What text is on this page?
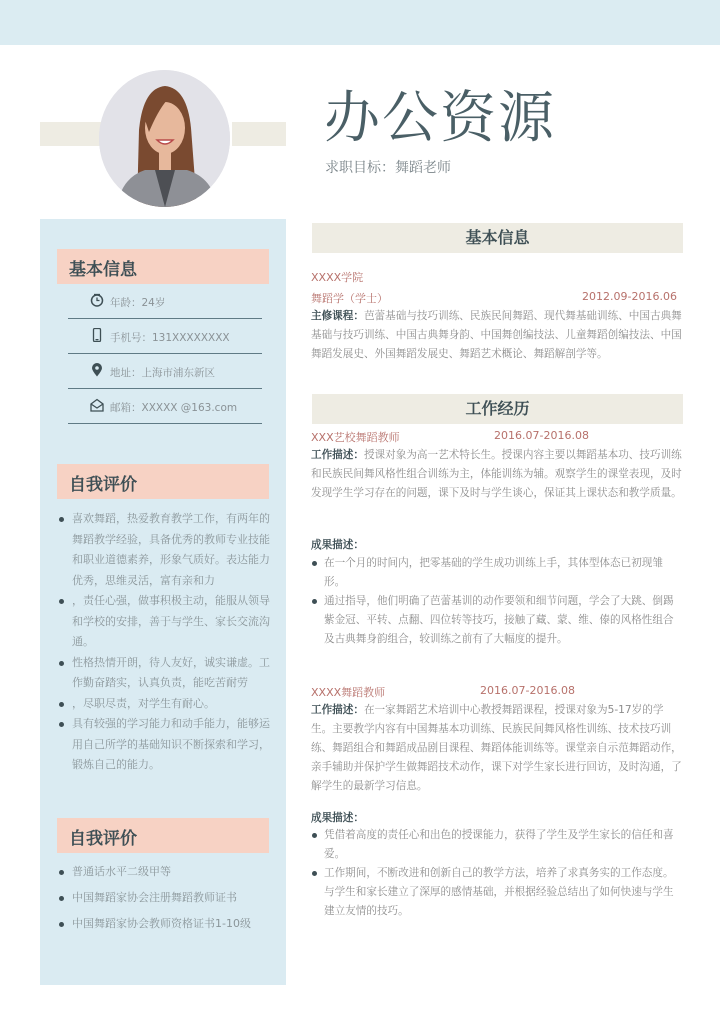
办公资源
求职目标：舞蹈老师
基本信息
年龄：24岁
手机号：131XXXXXXXX
地址：上海市浦东新区
邮箱：XXXXX @163.com
自我评价
喜欢舞蹈，热爱教育教学工作，有两年的舞蹈教学经验，具备优秀的教师专业技能和职业道德素养，形象气质好。表达能力优秀，思维灵活，富有亲和力
，责任心强，做事积极主动，能服从领导和学校的安排，善于与学生、家长交流沟通。
性格热情开朗，待人友好，诚实谦虚。工作勤奋踏实，认真负责，能吃苦耐劳
，尽职尽责，对学生有耐心。
具有较强的学习能力和动手能力，能够运用自己所学的基础知识不断探索和学习，锻炼自己的能力。
自我评价
普通话水平二级甲等
中国舞蹈家协会注册舞蹈教师证书
中国舞蹈家协会教师资格证书1-10级
基本信息
XXXX学院
舞蹈学（学士）	2012.09-2016.06
主修课程：芭蕾基础与技巧训练、民族民间舞蹈、现代舞基础训练、中国古典舞基础与技巧训练、中国古典舞身韵、中国舞创编技法、儿童舞蹈创编技法、中国舞蹈发展史、外国舞蹈发展史、舞蹈艺术概论、舞蹈解剖学等。
工作经历
XXX艺校舞蹈教师	2016.07-2016.08
工作描述：授课对象为高一艺术特长生。授课内容主要以舞蹈基本功、技巧训练和民族民间舞风格性组合训练为主，体能训练为辅。观察学生的课堂表现，及时发现学生学习存在的问题，课下及时与学生谈心，保证其上课状态和教学质量。
成果描述：
在一个月的时间内，把零基础的学生成功训练上手，其体型体态已初现雏形。
通过指导，他们明确了芭蕾基训的动作要领和细节问题，学会了大跳、倒踢紫金冠、平转、点翻、四位转等技巧，接触了藏、蒙、维、傣的风格性组合及古典舞身韵组合，较训练之前有了大幅度的提升。
XXXX舞蹈教师	2016.07-2016.08
工作描述：在一家舞蹈艺术培训中心教授舞蹈课程，授课对象为5-17岁的学生。主要教学内容有中国舞基本功训练、民族民间舞风格性训练、技术技巧训练、舞蹈组合和舞蹈成品剧目课程、舞蹈体能训练等。课堂亲自示范舞蹈动作，亲手辅助并保护学生做舞蹈技术动作，课下对学生家长进行回访，及时沟通，了解学生的最新学习信息。
成果描述：
凭借着高度的责任心和出色的授课能力，获得了学生及学生家长的信任和喜爱。
工作期间，不断改进和创新自己的教学方法，培养了求真务实的工作态度。与学生和家长建立了深厚的感情基础，并根据经验总结出了如何快速与学生建立友情的技巧。
